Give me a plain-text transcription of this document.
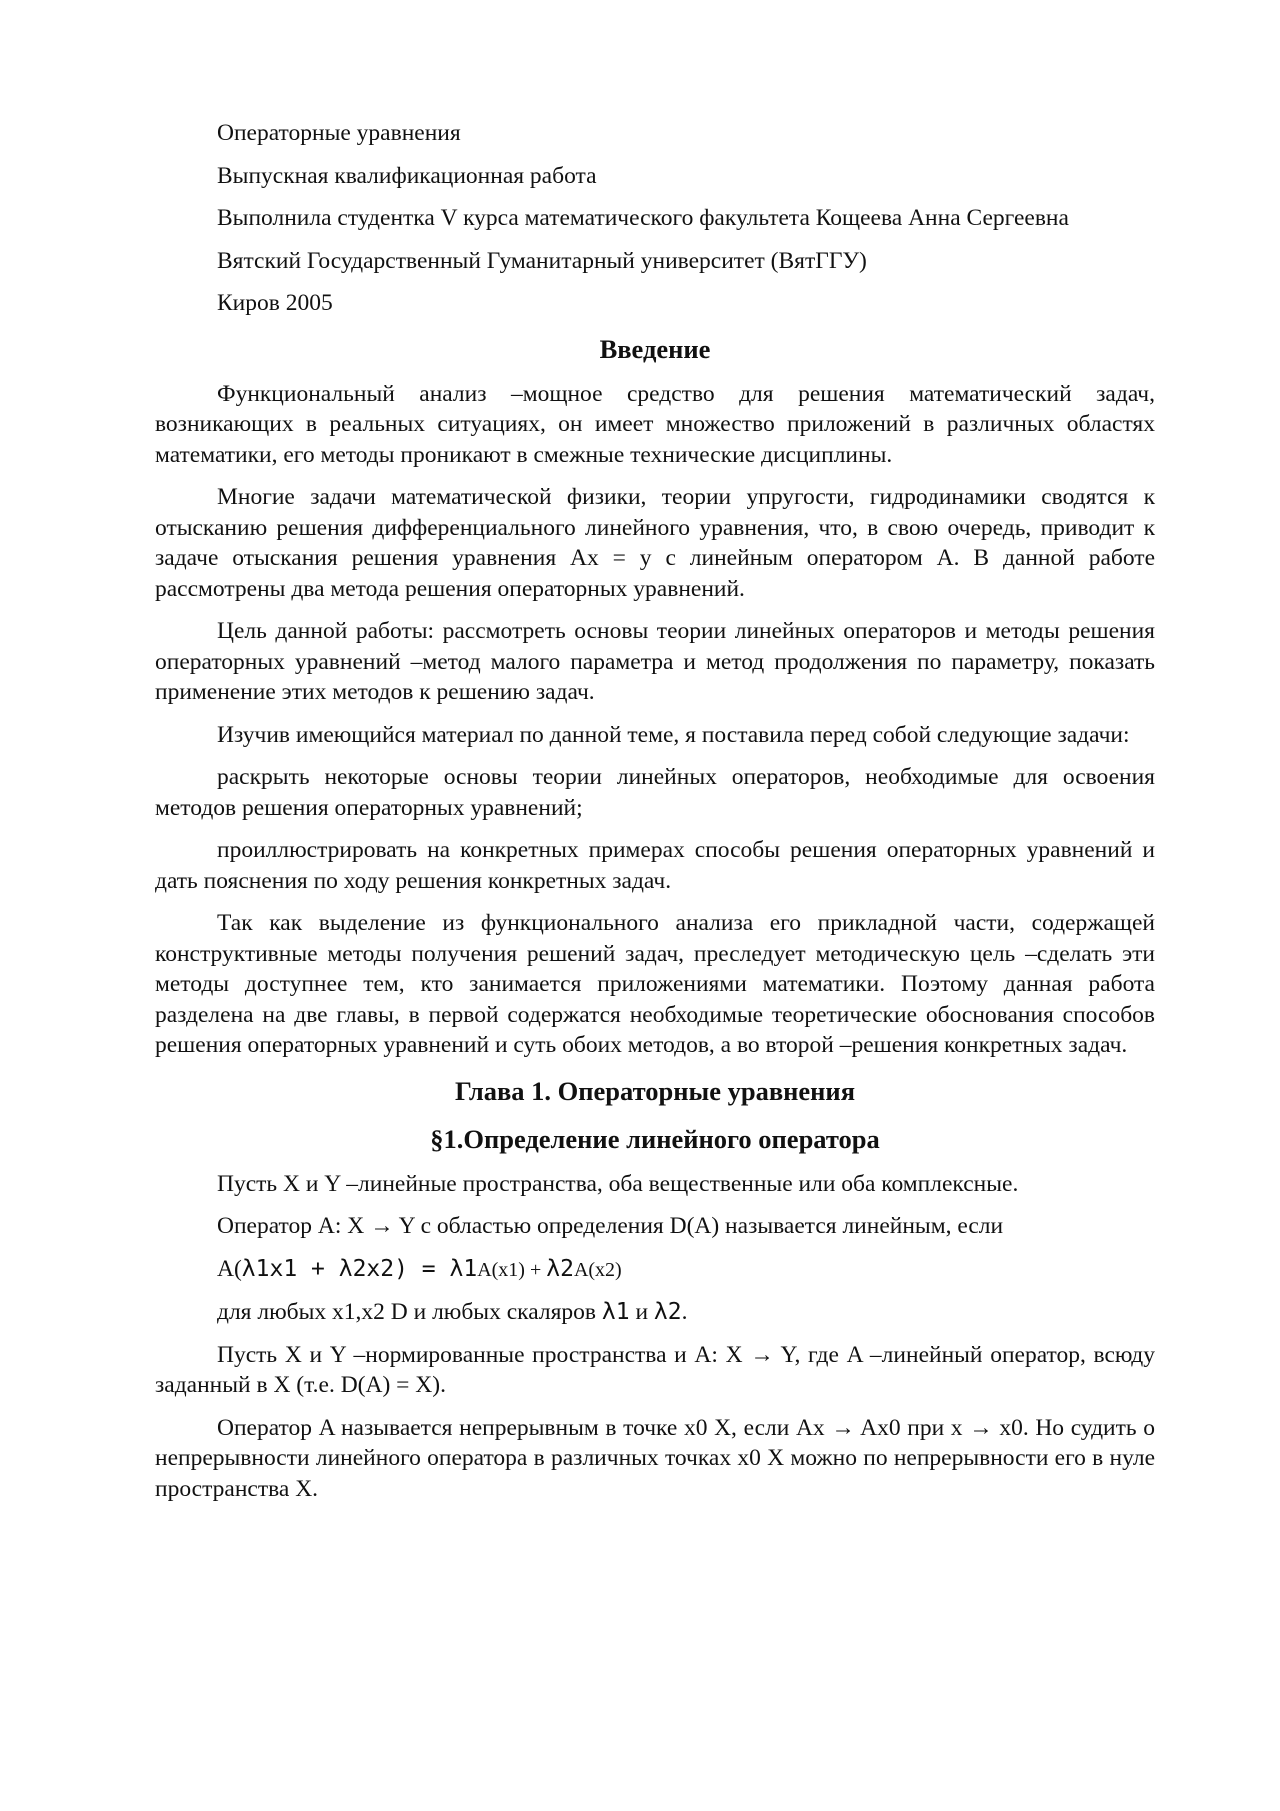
Операторные уравнения

Выпускная квалификационная работа

Выполнила студентка V курса математического факультета Кощеева Анна Сергеевна

Вятский Государственный Гуманитарный университет (ВятГГУ)

Киров 2005

Введение

Функциональный анализ –мощное средство для решения математический задач, возникающих в реальных ситуациях, он имеет множество приложений в различных областях математики, его методы проникают в смежные технические дисциплины.

Многие задачи математической физики, теории упругости, гидродинамики сводятся к отысканию решения дифференциального линейного уравнения, что, в свою очередь, приводит к задаче отыскания решения уравнения Ax = y с линейным оператором A. В данной работе рассмотрены два метода решения операторных уравнений.

Цель данной работы: рассмотреть основы теории линейных операторов и методы решения операторных уравнений –метод малого параметра и метод продолжения по параметру, показать применение этих методов к решению задач.

Изучив имеющийся материал по данной теме, я поставила перед собой следующие задачи:

раскрыть некоторые основы теории линейных операторов, необходимые для освоения методов решения операторных уравнений;

проиллюстрировать на конкретных примерах способы решения операторных уравнений и дать пояснения по ходу решения конкретных задач.

Так как выделение из функционального анализа его прикладной части, содержащей конструктивные методы получения решений задач, преследует методическую цель –сделать эти методы доступнее тем, кто занимается приложениями математики. Поэтому данная работа разделена на две главы, в первой содержатся необходимые теоретические обоснования способов решения операторных уравнений и суть обоих методов, а во второй –решения конкретных задач.

Глава 1. Операторные уравнения
§1.Определение линейного оператора

Пусть X и Y –линейные пространства, оба вещественные или оба комплексные.

Оператор A: X → Y с областью определения D(A) называется линейным, если

A(λ1x1 + λ2x2) = λ1A(x1) + λ2A(x2)

для любых x1,x2 D и любых скаляров λ1 и λ2.

Пусть X и Y –нормированные пространства и A: X → Y, где A –линейный оператор, всюду заданный в X (т.е. D(A) = X).

Оператор A называется непрерывным в точке x0 X, если Ax → Ax0 при x → x0. Но судить о непрерывности линейного оператора в различных точках x0 X можно по непрерывности его в нуле пространства X.
